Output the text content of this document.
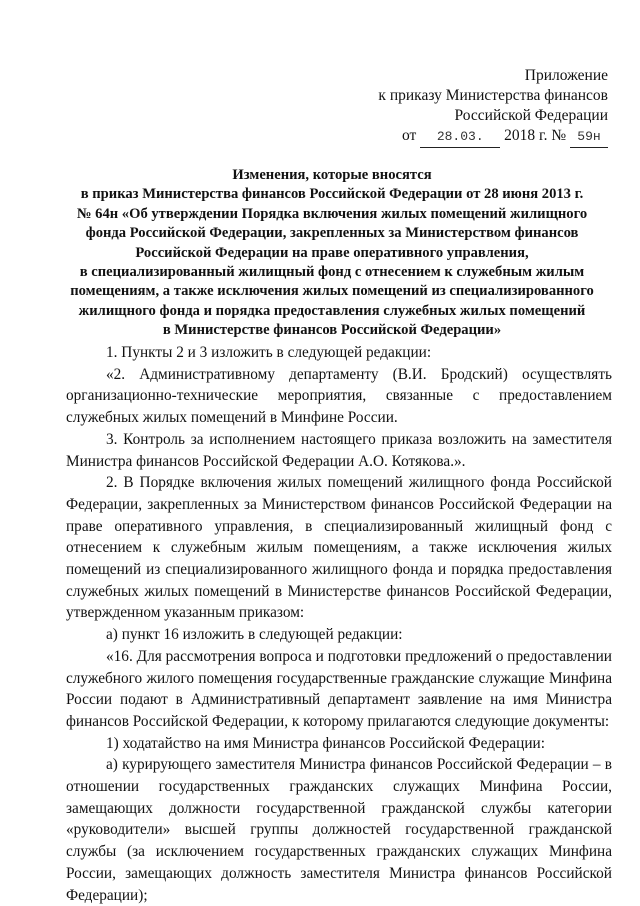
Приложение
к приказу Министерства финансов
Российской Федерации
от 28.03. 2018 г. № 59н
Изменения, которые вносятся
в приказ Министерства финансов Российской Федерации от 28 июня 2013 г.
№ 64н «Об утверждении Порядка включения жилых помещений жилищного
фонда Российской Федерации, закрепленных за Министерством финансов
Российской Федерации на праве оперативного управления,
в специализированный жилищный фонд с отнесением к служебным жилым
помещениям, а также исключения жилых помещений из специализированного
жилищного фонда и порядка предоставления служебных жилых помещений
в Министерстве финансов Российской Федерации»

1. Пункты 2 и 3 изложить в следующей редакции:

«2. Административному департаменту (В.И. Бродский) осуществлять организационно-технические мероприятия, связанные с предоставлением служебных жилых помещений в Минфине России.

3. Контроль за исполнением настоящего приказа возложить на заместителя Министра финансов Российской Федерации А.О. Котякова.».

2. В Порядке включения жилых помещений жилищного фонда Российской Федерации, закрепленных за Министерством финансов Российской Федерации на праве оперативного управления, в специализированный жилищный фонд с отнесением к служебным жилым помещениям, а также исключения жилых помещений из специализированного жилищного фонда и порядка предоставления служебных жилых помещений в Министерстве финансов Российской Федерации, утвержденном указанным приказом:

а) пункт 16 изложить в следующей редакции:

«16. Для рассмотрения вопроса и подготовки предложений о предоставлении служебного жилого помещения государственные гражданские служащие Минфина России подают в Административный департамент заявление на имя Министра финансов Российской Федерации, к которому прилагаются следующие документы:

1) ходатайство на имя Министра финансов Российской Федерации:

а) курирующего заместителя Министра финансов Российской Федерации – в отношении государственных гражданских служащих Минфина России, замещающих должности государственной гражданской службы категории «руководители» высшей группы должностей государственной гражданской службы (за исключением государственных гражданских служащих Минфина России, замещающих должность заместителя Министра финансов Российской Федерации);
